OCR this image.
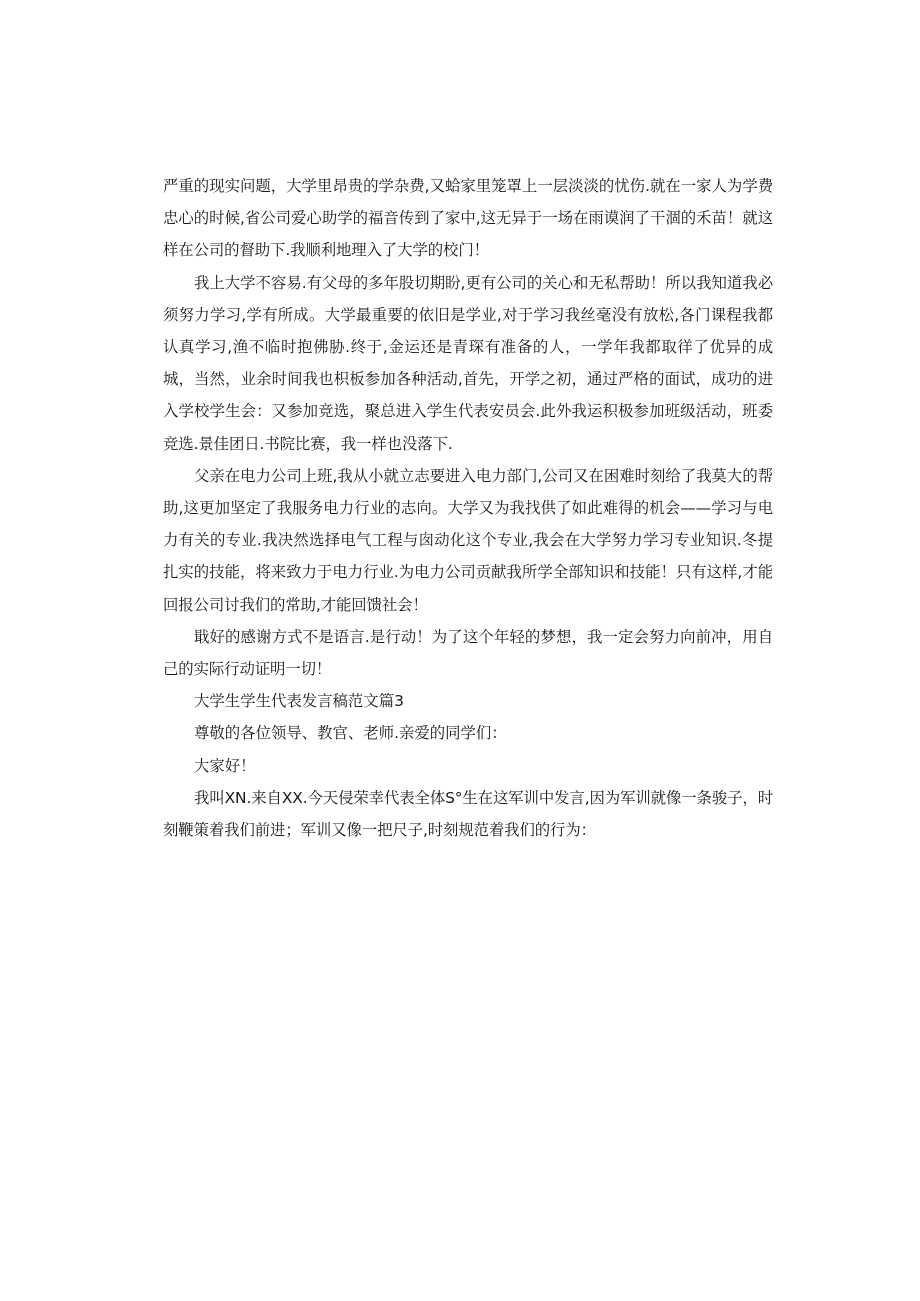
严重的现实问题，大学里昂贵的学杂费,又蛤家里笼罩上一层淡淡的忧伤.就在一家人为学费忠心的时候,省公司爱心助学的福音传到了家中,这无异于一场在雨谟润了干涸的禾苗！就这样在公司的督助下.我顺利地理入了大学的校门！

我上大学不容易.有父母的多年股切期盼,更有公司的关心和无私帮助！所以我知道我必须努力学习,学有所成。大学最重要的依旧是学业,对于学习我丝毫没有放松,各门课程我都认真学习,渔不临时抱佛胁.终于,金运还是青琛有准备的人，一学年我都取徉了优异的成城，当然，业余时间我也枳板参加各种活动,首先，开学之初，通过严格的面试，成功的进入学校学生会：又参加竞选，聚总进入学生代表安员会.此外我运积极参加班级活动，班委竞选.景佳团日.书院比赛，我一样也没落下.

父亲在电力公司上班,我从小就立志要进入电力部门,公司又在困难时刻给了我莫大的帮助,这更加坚定了我服务电力行业的志向。大学又为我找供了如此难得的机会——学习与电力有关的专业.我决然选择电气工程与囱动化这个专业,我会在大学努力学习专业知识.冬提扎实的技能，将来致力于电力行业.为电力公司贡献我所学全部知识和技能！只有这样,才能回报公司讨我们的常助,才能回馈社会！

戢好的感谢方式不是语言.是行动！为了这个年轻的梦想，我一定会努力向前冲，用自己的实际行动证明一切！

大学生学生代表发言稿范文篇3

尊敬的各位领导、教官、老师.亲爱的同学们：

大家好！

我叫XN.来自XX.今天侵荣幸代表全体S°生在这军训中发言,因为军训就像一条骏子，时刻鞭策着我们前进；军训又像一把尺子,时刻规范着我们的行为：
